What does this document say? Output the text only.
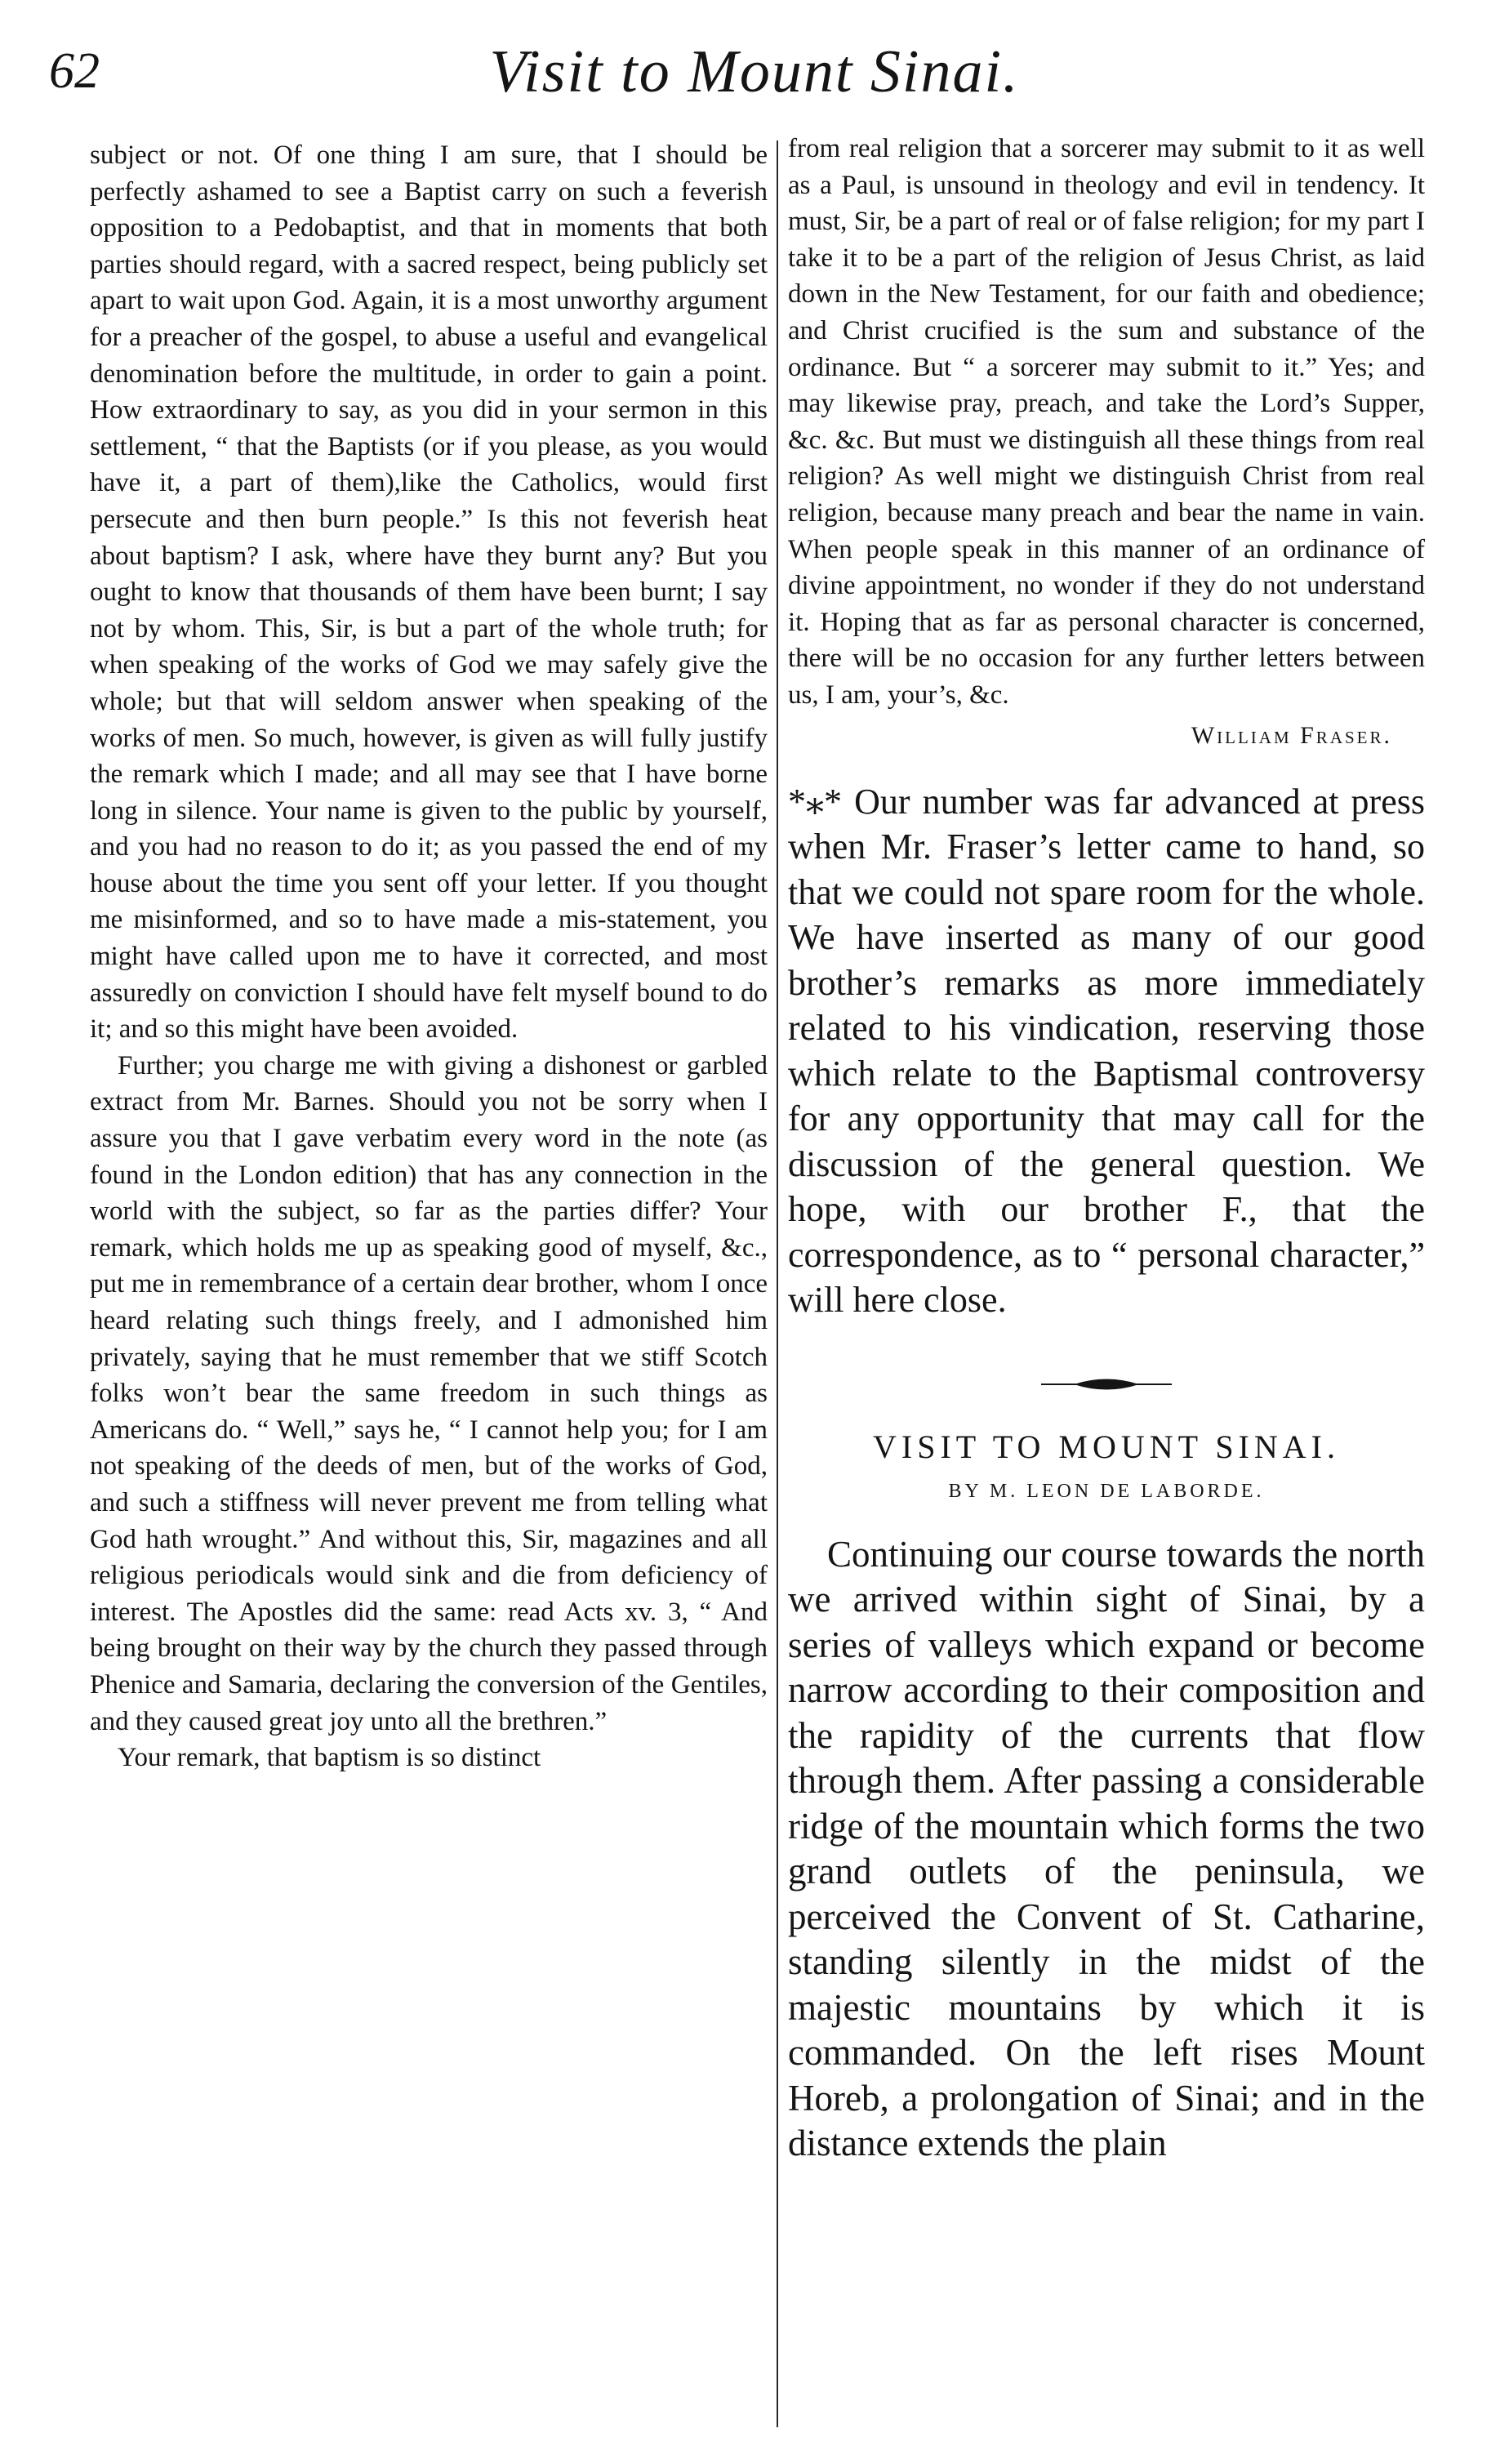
62	Visit to Mount Sinai.

subject or not. Of one thing I am sure, that I should be perfectly ashamed to see a Baptist carry on such a feverish opposition to a Pedobaptist, and that in moments that both parties should regard, with a sacred respect, being publicly set apart to wait upon God. Again, it is a most unworthy argument for a preacher of the gospel, to abuse a useful and evangelical denomination before the multitude, in order to gain a point. How extraordinary to say, as you did in your sermon in this settlement, “ that the Baptists (or if you please, as you would have it, a part of them),like the Catholics, would first persecute and then burn people.” Is this not feverish heat about baptism? I ask, where have they burnt any? But you ought to know that thousands of them have been burnt; I say not by whom. This, Sir, is but a part of the whole truth; for when speaking of the works of God we may safely give the whole; but that will seldom answer when speaking of the works of men. So much, however, is given as will fully justify the remark which I made; and all may see that I have borne long in silence. Your name is given to the public by yourself, and you had no reason to do it; as you passed the end of my house about the time you sent off your letter. If you thought me misinformed, and so to have made a mis-statement, you might have called upon me to have it corrected, and most assuredly on conviction I should have felt myself bound to do it; and so this might have been avoided.

Further; you charge me with giving a dishonest or garbled extract from Mr. Barnes. Should you not be sorry when I assure you that I gave verbatim every word in the note (as found in the London edition) that has any connection in the world with the subject, so far as the parties differ? Your remark, which holds me up as speaking good of myself, &c., put me in remembrance of a certain dear brother, whom I once heard relating such things freely, and I admonished him privately, saying that he must remember that we stiff Scotch folks won’t bear the same freedom in such things as Americans do. “ Well,” says he, “ I cannot help you; for I am not speaking of the deeds of men, but of the works of God, and such a stiffness will never prevent me from telling what God hath wrought.” And without this, Sir, magazines and all religious periodicals would sink and die from deficiency of interest. The Apostles did the same: read Acts xv. 3, “ And being brought on their way by the church they passed through Phenice and Samaria, declaring the conversion of the Gentiles, and they caused great joy unto all the brethren.”

Your remark, that baptism is so distinct

from real religion that a sorcerer may submit to it as well as a Paul, is unsound in theology and evil in tendency. It must, Sir, be a part of real or of false religion; for my part I take it to be a part of the religion of Jesus Christ, as laid down in the New Testament, for our faith and obedience; and Christ crucified is the sum and substance of the ordinance. But “ a sorcerer may submit to it.” Yes; and may likewise pray, preach, and take the Lord’s Supper, &c. &c. But must we distinguish all these things from real religion? As well might we distinguish Christ from real religion, because many preach and bear the name in vain. When people speak in this manner of an ordinance of divine appointment, no wonder if they do not understand it. Hoping that as far as personal character is concerned, there will be no occasion for any further letters between us, I am, your’s, &c.

William Fraser.

*⁎* Our number was far advanced at press when Mr. Fraser’s letter came to hand, so that we could not spare room for the whole. We have inserted as many of our good brother’s remarks as more immediately related to his vindication, reserving those which relate to the Baptismal controversy for any opportunity that may call for the discussion of the general question. We hope, with our brother F., that the correspondence, as to “ personal character,” will here close.

VISIT TO MOUNT SINAI.
BY M. LEON DE LABORDE.

Continuing our course towards the north we arrived within sight of Sinai, by a series of valleys which expand or become narrow according to their composition and the rapidity of the currents that flow through them. After passing a considerable ridge of the mountain which forms the two grand outlets of the peninsula, we perceived the Convent of St. Catharine, standing silently in the midst of the majestic mountains by which it is commanded. On the left rises Mount Horeb, a prolongation of Sinai; and in the distance extends the plain
